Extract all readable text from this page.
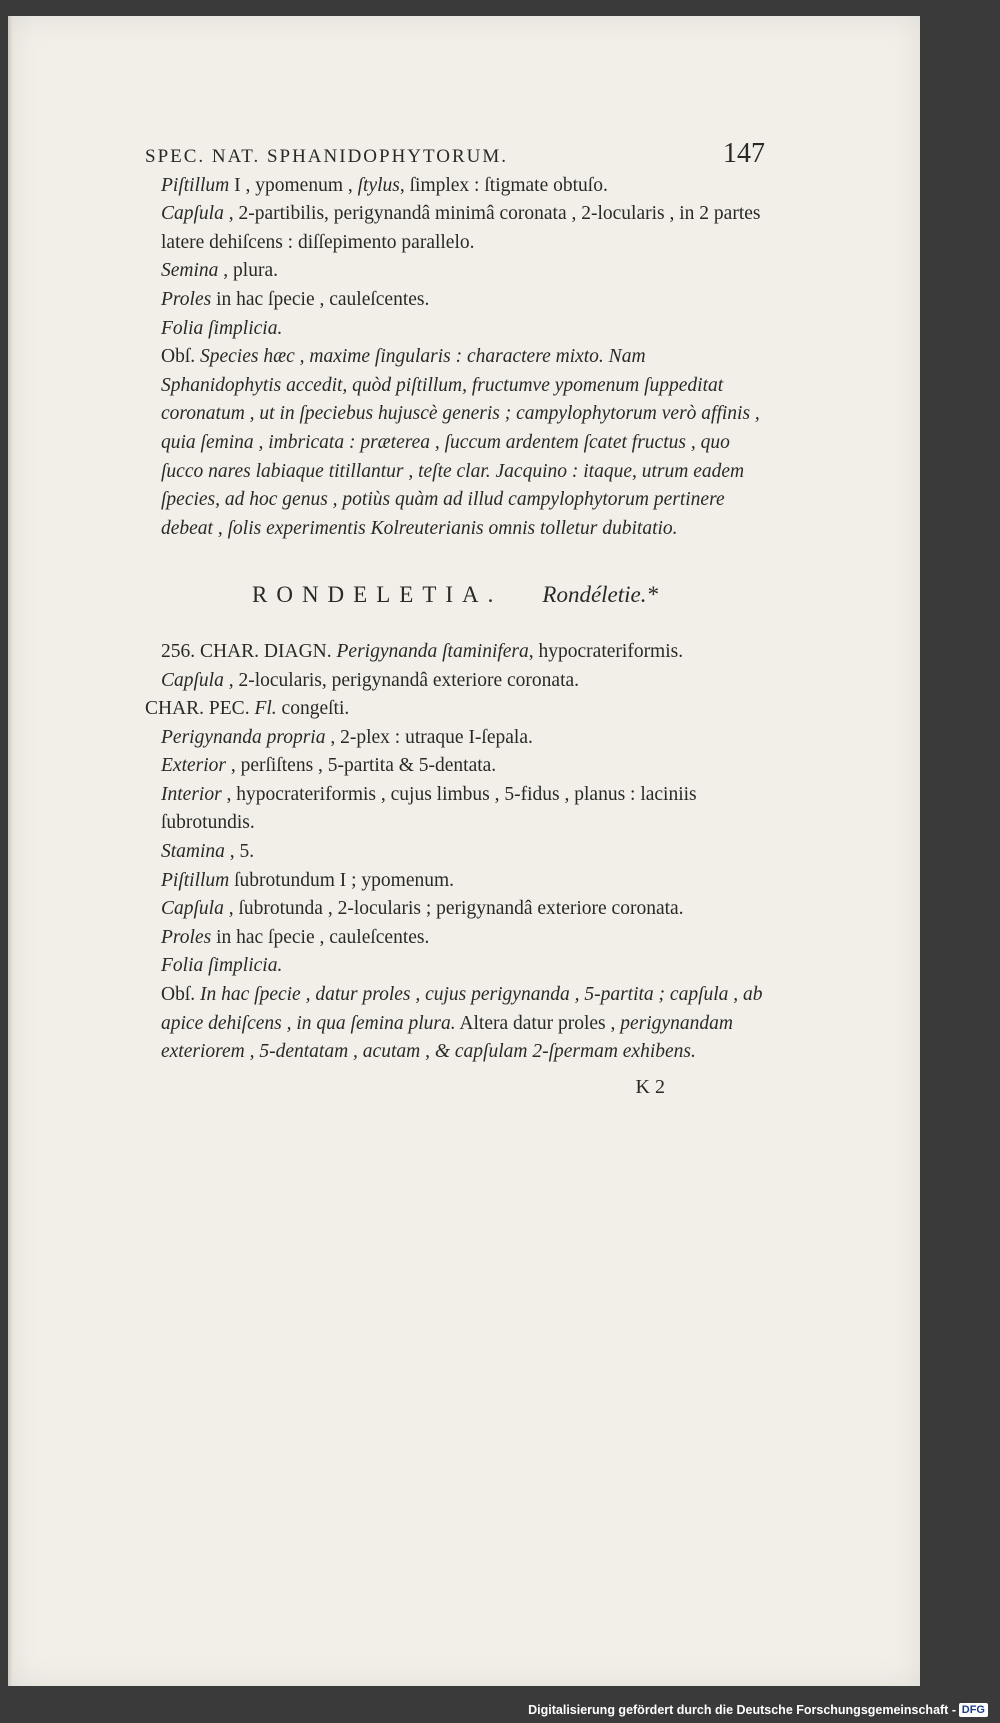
SPEC. NAT. SPHANIDOPHYTORUM.	147
Piſtillum I , ypomenum , ſtylus, ſimplex : ſtigmate obtuſo.
Capſula , 2-partibilis, perigynandâ minimâ coronata , 2-locularis , in 2 partes latere dehiſcens : diſſepimento parallelo.
Semina , plura.
Proles in hac ſpecie , cauleſcentes.
Folia ſimplicia.
Obſ. Species hæc , maxime ſingularis : charactere mixto. Nam Sphanidophytis accedit, quòd piſtillum, fructumve ypomenum ſuppeditat coronatum , ut in ſpeciebus hujuscè generis ; campylophytorum verò affinis , quia ſemina , imbricata : præterea , ſuccum ardentem ſcatet fructus , quo ſucco nares labiaque titillantur , teſte clar. Jacquino : itaque, utrum eadem ſpecies, ad hoc genus , potiùs quàm ad illud campylophytorum pertinere debeat , ſolis experimentis Kolreuterianis omnis tolletur dubitatio.
RONDELETIA. Rondéletie.*
256. CHAR. DIAGN. Perigynanda ſtaminifera, hypocrateriformis.
Capſula , 2-locularis, perigynandâ exteriore coronata.
CHAR. PEC. Fl. congeſti.
Perigynanda propria , 2-plex : utraque I-ſepala.
Exterior , perſiſtens , 5-partita & 5-dentata.
Interior , hypocrateriformis , cujus limbus , 5-fidus , planus : laciniis ſubrotundis.
Stamina , 5.
Piſtillum ſubrotundum I ; ypomenum.
Capſula , ſubrotunda , 2-locularis ; perigynandâ exteriore coronata.
Proles in hac ſpecie , cauleſcentes.
Folia ſimplicia.
Obſ. In hac ſpecie , datur proles , cujus perigynanda , 5-partita ; capſula , ab apice dehiſcens , in qua ſemina plura. Altera datur proles , perigynandam exteriorem , 5-dentatam , acutam , & capſulam 2-ſpermam exhibens.
K 2
Digitalisierung gefördert durch die Deutsche Forschungsgemeinschaft - DFG
